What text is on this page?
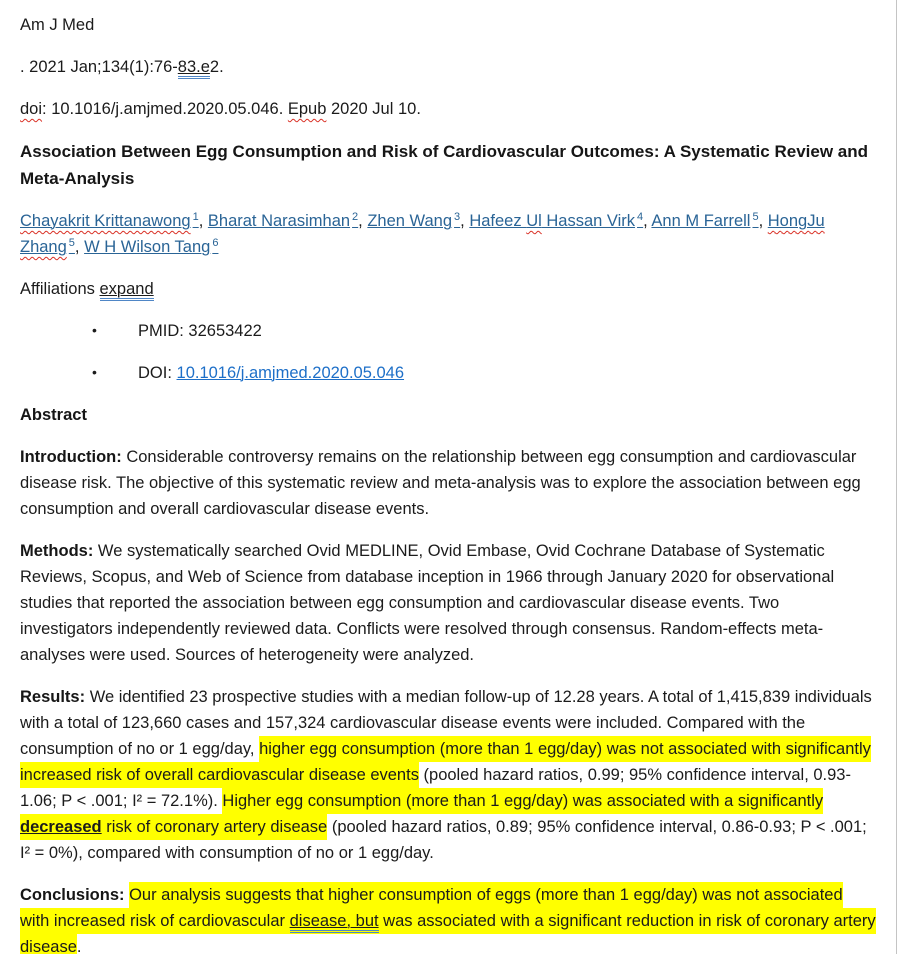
Am J Med

. 2021 Jan;134(1):76-83.e2.

doi: 10.1016/j.amjmed.2020.05.046. Epub 2020 Jul 10.

Association Between Egg Consumption and Risk of Cardiovascular Outcomes: A Systematic Review and Meta-Analysis

Chayakrit Krittanawong $^1$, Bharat Narasimhan $^2$, Zhen Wang $^3$, Hafeez Ul Hassan Virk $^4$, Ann M Farrell $^5$, HongJu Zhang $^5$, W H Wilson Tang $^6$

Affiliations expand

• PMID: 32653422
• DOI: 10.1016/j.amjmed.2020.05.046
Abstract

Introduction: Considerable controversy remains on the relationship between egg consumption and cardiovascular disease risk. The objective of this systematic review and meta-analysis was to explore the association between egg consumption and overall cardiovascular disease events.

Methods: We systematically searched Ovid MEDLINE, Ovid Embase, Ovid Cochrane Database of Systematic Reviews, Scopus, and Web of Science from database inception in 1966 through January 2020 for observational studies that reported the association between egg consumption and cardiovascular disease events. Two investigators independently reviewed data. Conflicts were resolved through consensus. Random-effects meta-analyses were used. Sources of heterogeneity were analyzed.

Results: We identified 23 prospective studies with a median follow-up of 12.28 years. A total of 1,415,839 individuals with a total of 123,660 cases and 157,324 cardiovascular disease events were included. Compared with the consumption of no or 1 egg/day, higher egg consumption (more than 1 egg/day) was not associated with significantly increased risk of overall cardiovascular disease events (pooled hazard ratios, 0.99; 95% confidence interval, 0.93-1.06; P < .001; I² = 72.1%). Higher egg consumption (more than 1 egg/day) was associated with a significantly decreased risk of coronary artery disease (pooled hazard ratios, 0.89; 95% confidence interval, 0.86-0.93; P < .001; I² = 0%), compared with consumption of no or 1 egg/day.

Conclusions: Our analysis suggests that higher consumption of eggs (more than 1 egg/day) was not associated with increased risk of cardiovascular disease, but was associated with a significant reduction in risk of coronary artery disease.
